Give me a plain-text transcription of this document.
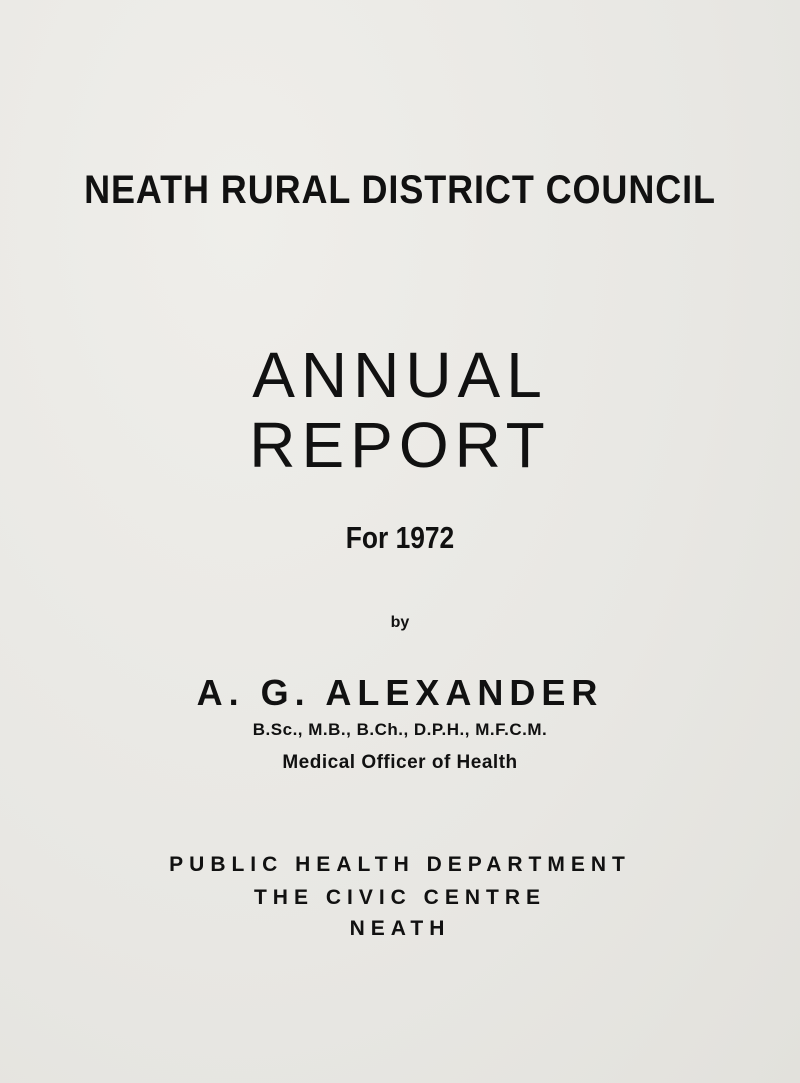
NEATH RURAL DISTRICT COUNCIL
ANNUAL
REPORT
For 1972
by
A. G. ALEXANDER
B.Sc., M.B., B.Ch., D.P.H., M.F.C.M.
Medical Officer of Health
PUBLIC HEALTH DEPARTMENT
THE CIVIC CENTRE
NEATH
